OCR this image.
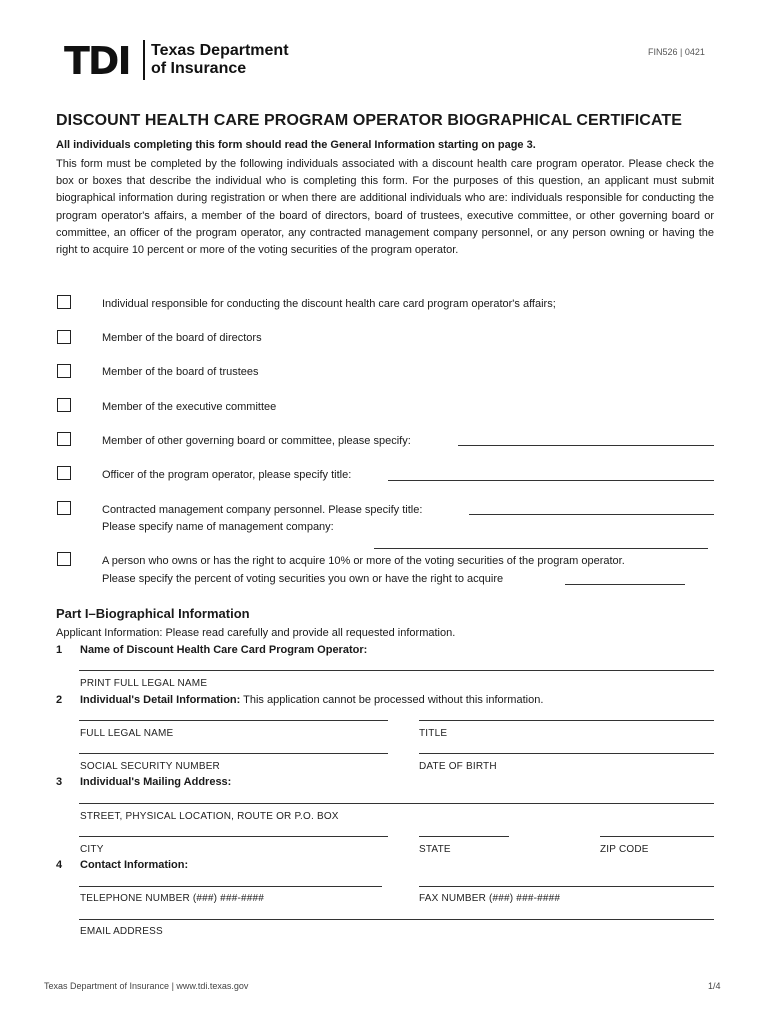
TDI Texas Department
of Insurance
FIN526 | 0421
DISCOUNT HEALTH CARE PROGRAM OPERATOR BIOGRAPHICAL CERTIFICATE
All individuals completing this form should read the General Information starting on page 3.
This form must be completed by the following individuals associated with a discount health care program operator. Please check the box or boxes that describe the individual who is completing this form. For the purposes of this question, an applicant must submit biographical information during registration or when there are additional individuals who are: individuals responsible for conducting the program operator's affairs, a member of the board of directors, board of trustees, executive committee, or other governing board or committee, an officer of the program operator, any contracted management company personnel, or any person owning or having the right to acquire 10 percent or more of the voting securities of the program operator.
Individual responsible for conducting the discount health care card program operator's affairs;
Member of the board of directors
Member of the board of trustees
Member of the executive committee
Member of other governing board or committee, please specify:
Officer of the program operator, please specify title:
Contracted management company personnel. Please specify title:
Please specify name of management company:
A person who owns or has the right to acquire 10% or more of the voting securities of the program operator.
Please specify the percent of voting securities you own or have the right to acquire
Part I–Biographical Information
Applicant Information: Please read carefully and provide all requested information.
1 Name of Discount Health Care Card Program Operator:
PRINT FULL LEGAL NAME
2 Individual's Detail Information: This application cannot be processed without this information.
FULL LEGAL NAME	TITLE
SOCIAL SECURITY NUMBER	DATE OF BIRTH
3 Individual's Mailing Address:
STREET, PHYSICAL LOCATION, ROUTE OR P.O. BOX
CITY	STATE	ZIP CODE
4 Contact Information:
TELEPHONE NUMBER (###) ###-####	FAX NUMBER (###) ###-####
EMAIL ADDRESS
Texas Department of Insurance | www.tdi.texas.gov	1/4
